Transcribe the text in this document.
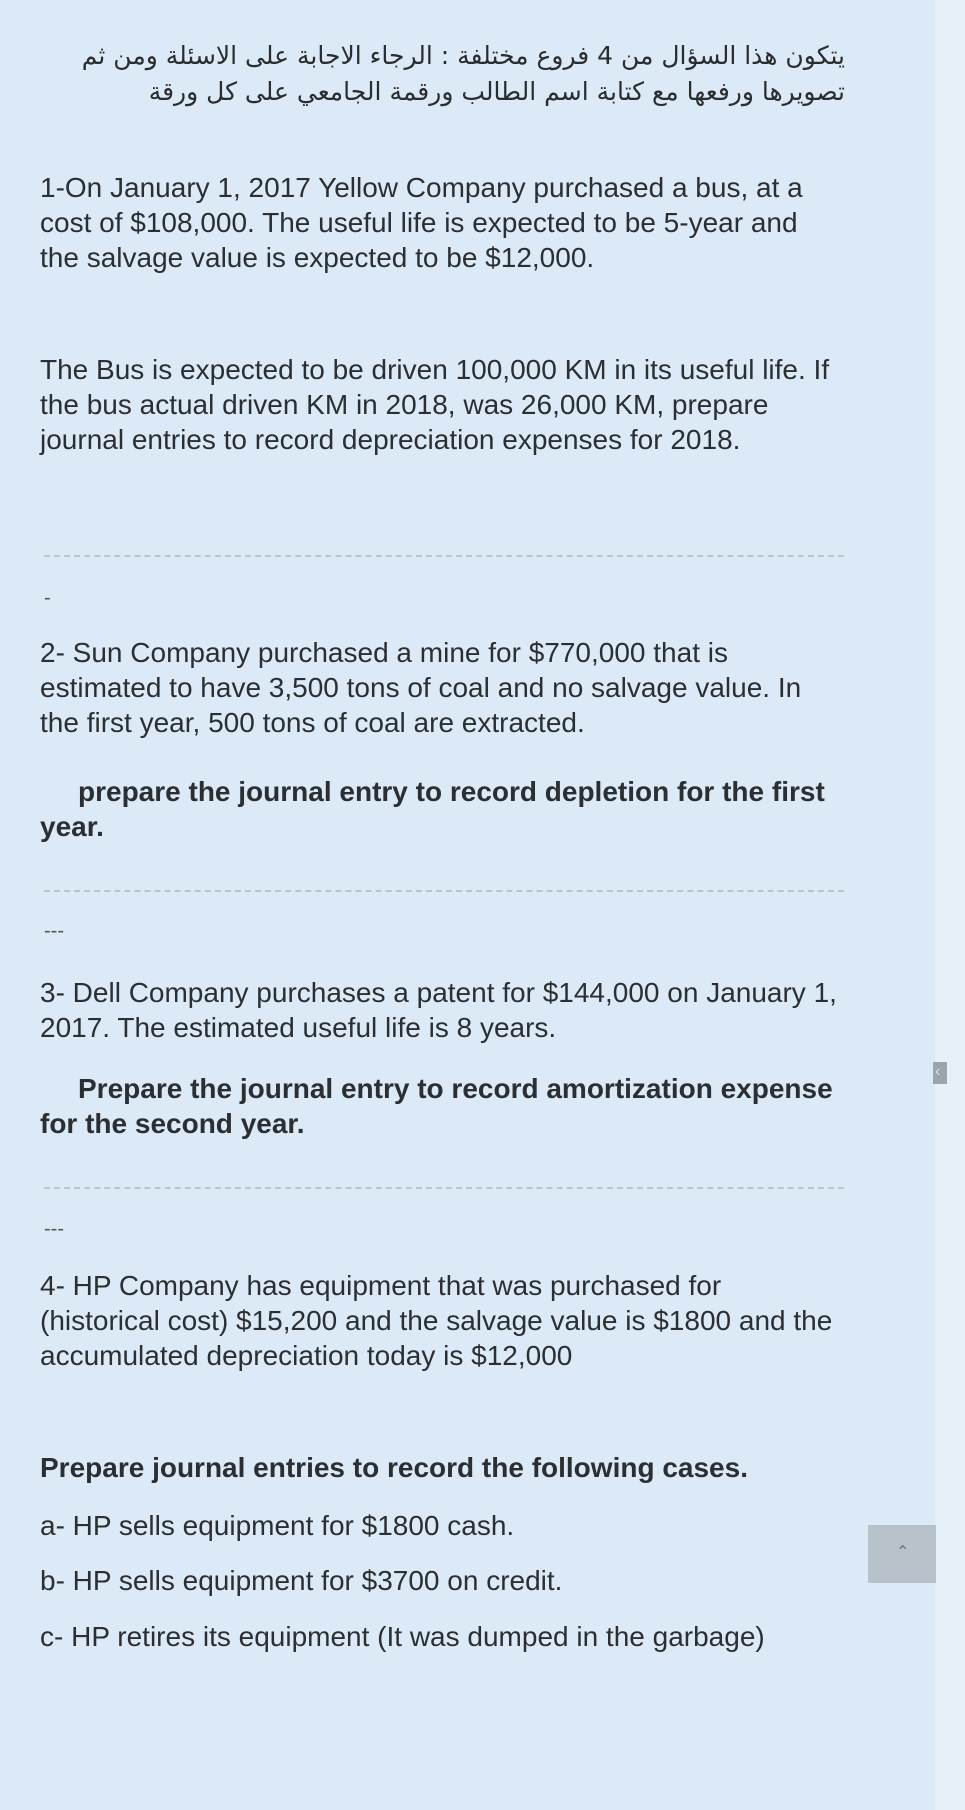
يتكون هذا السؤال من 4 فروع مختلفة : الرجاء الاجابة على الاسئلة ومن ثم
تصويرها ورفعها مع كتابة اسم الطالب ورقمة الجامعي على كل ورقة

1-On January 1, 2017 Yellow Company purchased a bus, at a cost of $108,000. The useful life is expected to be 5-year and the salvage value is expected to be $12,000.

The Bus is expected to be driven 100,000 KM in its useful life. If the bus actual driven KM in 2018, was 26,000 KM, prepare journal entries to record depreciation expenses for 2018.

-

2- Sun Company purchased a mine for $770,000 that is estimated to have 3,500 tons of coal and no salvage value. In the first year, 500 tons of coal are extracted.

prepare the journal entry to record depletion for the first year.

---

3- Dell Company purchases a patent for $144,000 on January 1, 2017. The estimated useful life is 8 years.

Prepare the journal entry to record amortization expense for the second year.

---

4- HP Company has equipment that was purchased for (historical cost) $15,200 and the salvage value is $1800 and the accumulated depreciation today is $12,000

Prepare journal entries to record the following cases.

a- HP sells equipment for $1800 cash.

b- HP sells equipment for $3700 on credit.

c- HP retires its equipment (It was dumped in the garbage)

‹
⌃
